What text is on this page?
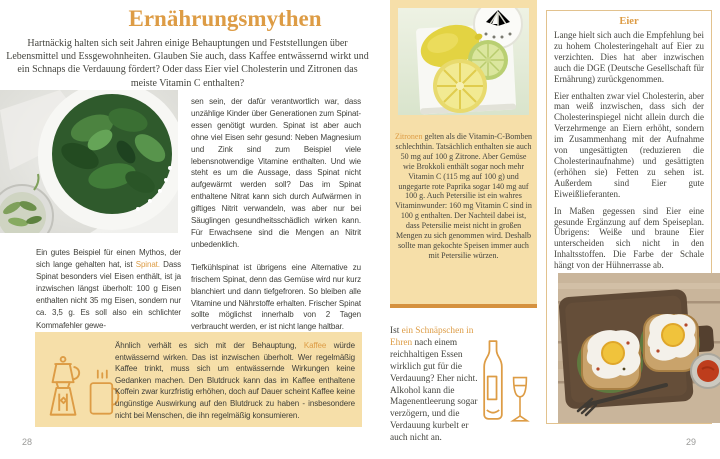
Ernährungsmythen

Hartnäckig halten sich seit Jahren einige Behauptungen und Feststellungen über Lebensmittel und Essgewohnheiten. Glauben Sie auch, dass Kaffee entwässernd wirkt und ein Schnaps die Verdauung fördert? Oder dass Eier viel Cholesterin und Zitronen das meiste Vitamin C enthalten?

Ein gutes Beispiel für einen Mythos, der sich lange gehalten hat, ist Spinat. Dass Spinat besonders viel Eisen enthält, ist ja inzwischen längst überholt: 100 g Eisen enthalten nicht 35 mg Eisen, sondern nur ca. 3,5 g. Es soll also ein schlichter Kommafehler gewe-

sen sein, der dafür verantwortlich war, dass unzählige Kinder über Generationen zum Spinat-essen genötigt wurden. Spinat ist aber auch ohne viel Eisen sehr gesund: Neben Magnesium und Zink sind zum Beispiel viele lebensnotwendige Vitamine enthalten. Und wie steht es um die Aussage, dass Spinat nicht aufgewärmt werden soll? Das im Spinat enthaltene Nitrat kann sich durch Aufwärmen in giftiges Nitrit verwandeln, was aber nur bei Säuglingen gesundheitsschädlich wirken kann. Für Erwachsene sind die Mengen an Nitrit unbedenklich.

Tiefkühlspinat ist übrigens eine Alternative zu frischem Spinat, denn das Gemüse wird nur kurz blanchiert und dann tiefgefroren. So bleiben alle Vitamine und Nährstoffe erhalten. Frischer Spinat sollte möglichst innerhalb von 2 Tagen verbraucht werden, er ist nicht lange haltbar.

Ähnlich verhält es sich mit der Behauptung, Kaffee würde entwässernd wirken. Das ist inzwischen überholt. Wer regelmäßig Kaffee trinkt, muss sich um entwässernde Wirkungen keine Gedanken machen. Den Blutdruck kann das im Kaffee enthaltene Koffein zwar kurzfristig erhöhen, doch auf Dauer scheint Kaffee keine ungünstige Auswirkung auf den Blutdruck zu haben - insbesondere nicht bei Menschen, die ihn regelmäßig konsumieren.

28

Zitronen gelten als die Vitamin-C-Bomben schlechthin. Tatsächlich enthalten sie auch 50 mg auf 100 g Zitrone. Aber Gemüse wie Brokkoli enthält sogar noch mehr Vitamin C (115 mg auf 100 g) und ungegarte rote Paprika sogar 140 mg auf 100 g. Auch Petersilie ist ein wahres Vitaminwunder: 160 mg Vitamin C sind in 100 g enthalten. Der Nachteil dabei ist, dass Petersilie meist nicht in großen Mengen zu sich genommen wird. Deshalb sollte man gekochte Speisen immer auch mit Petersilie würzen.

Eier

Lange hielt sich auch die Empfehlung bei zu hohem Cholesteringehalt auf Eier zu verzichten. Dies hat aber inzwischen auch die DGE (Deutsche Gesellschaft für Ernährung) zurückgenommen.

Eier enthalten zwar viel Cholesterin, aber man weiß inzwischen, dass sich der Cholesterinspiegel nicht allein durch die Verzehrmenge an Eiern erhöht, sondern im Zusammenhang mit der Aufnahme von ungesättigten (reduzieren die Cholesterinaufnahme) und gesättigten (erhöhen sie) Fetten zu sehen ist. Außerdem sind Eier gute Eiweißlieferanten.

In Maßen gegessen sind Eier eine gesunde Ergänzung auf dem Speiseplan. Übrigens: Weiße und braune Eier unterscheiden sich nicht in den Inhaltsstoffen. Die Farbe der Schale hängt von der Hühnerrasse ab.

Ist ein Schnäpschen in Ehren nach einem reichhaltigen Essen wirklich gut für die Verdauung? Eher nicht. Alkohol kann die Magenentleerung sogar verzögern, und die Verdauung kurbelt er auch nicht an.	29
